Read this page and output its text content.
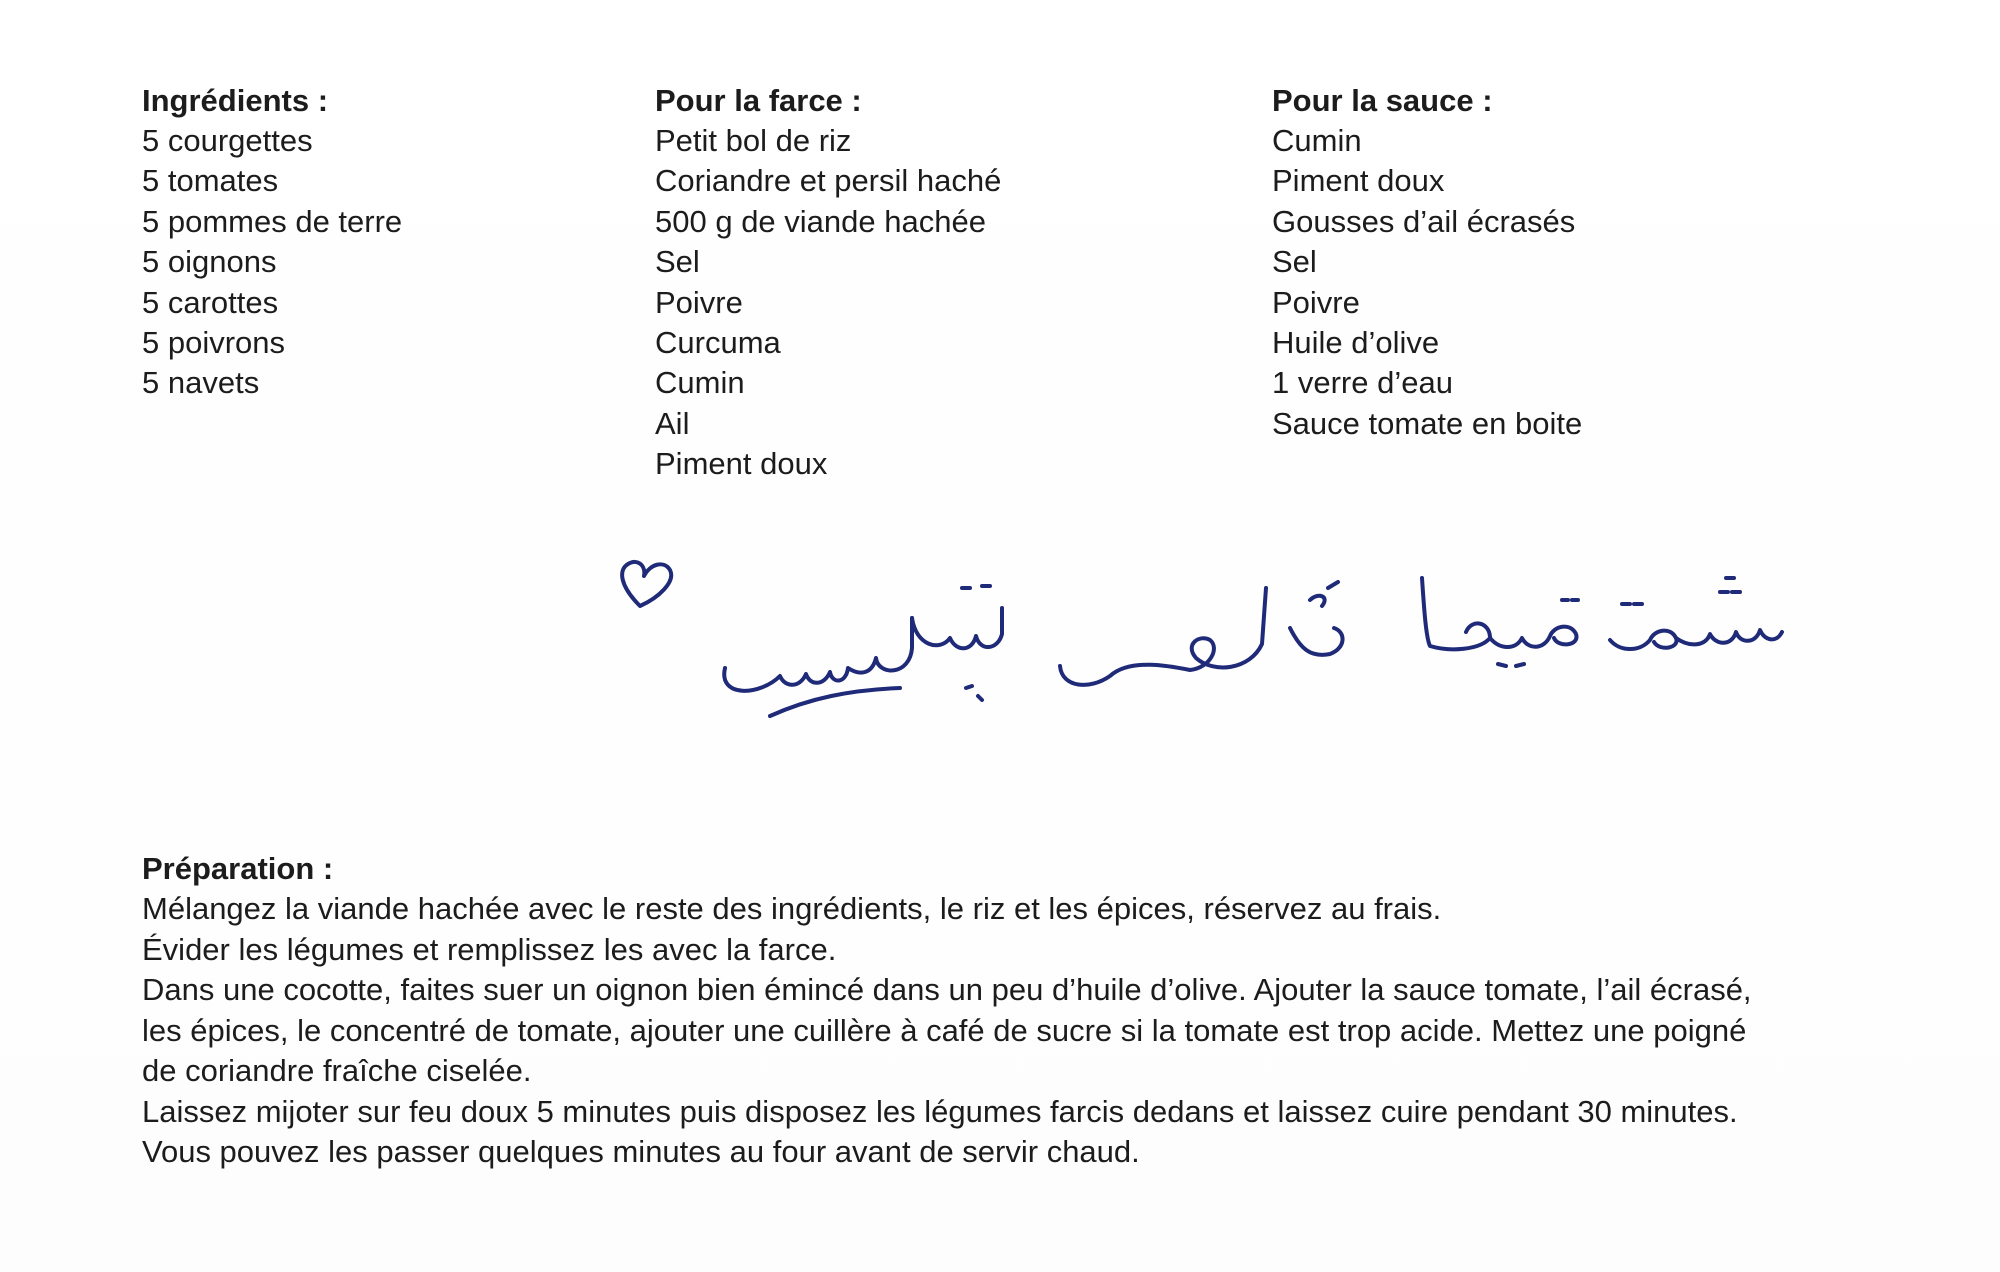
Ingrédients :
5 courgettes
5 tomates
5 pommes de terre
5 oignons
5 carottes
5 poivrons
5 navets
Pour la farce :
Petit bol de riz
Coriandre et persil haché
500 g de viande hachée
Sel
Poivre
Curcuma
Cumin
Ail
Piment doux
Pour la sauce :
Cumin
Piment doux
Gousses d’ail écrasés
Sel
Poivre
Huile d’olive
1 verre d’eau
Sauce tomate en boite
Préparation :

Mélangez la viande hachée avec le reste des ingrédients, le riz et les épices, réservez au frais.

Évider les légumes et remplissez les avec la farce.

Dans une cocotte, faites suer un oignon bien émincé dans un peu d’huile d’olive. Ajouter la sauce tomate, l’ail écrasé,

les épices, le concentré de tomate, ajouter une cuillère à café de sucre si la tomate est trop acide. Mettez une poigné

de coriandre fraîche ciselée.

Laissez mijoter sur feu doux 5 minutes puis disposez les légumes farcis dedans et laissez cuire pendant 30 minutes.

Vous pouvez les passer quelques minutes au four avant de servir chaud.
